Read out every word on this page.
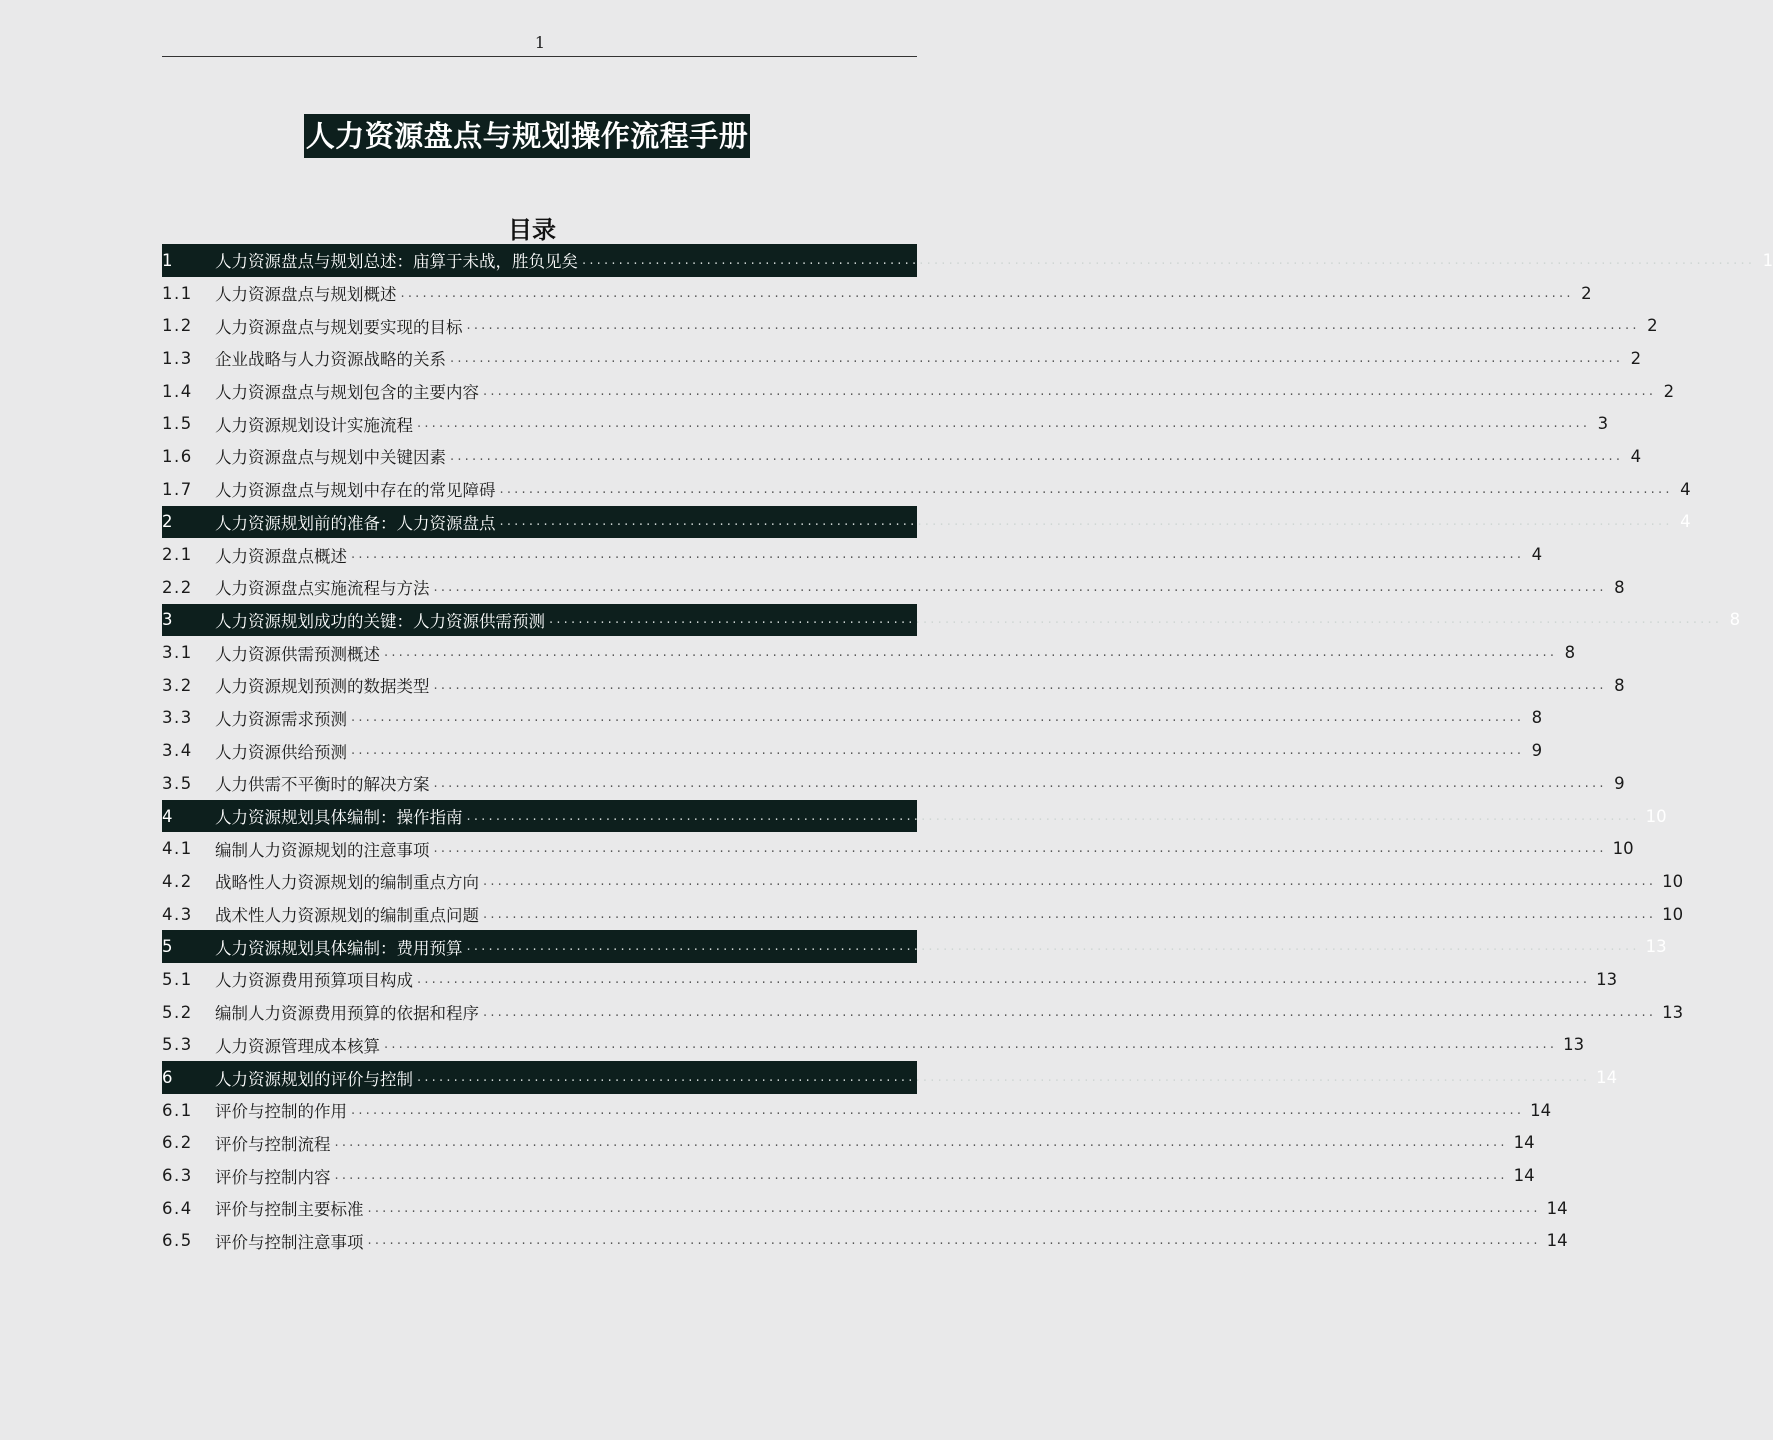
1
人力资源盘点与规划操作流程手册
目录
1	人力资源盘点与规划总述：庙算于未战，胜负见矣 ................................................................................................................................................................ 1
1.1	人力资源盘点与规划概述 ................................................................................................................................................................ 2
1.2	人力资源盘点与规划要实现的目标 ................................................................................................................................................................ 2
1.3	企业战略与人力资源战略的关系 ................................................................................................................................................................ 2
1.4	人力资源盘点与规划包含的主要内容 ................................................................................................................................................................ 2
1.5	人力资源规划设计实施流程 ................................................................................................................................................................ 3
1.6	人力资源盘点与规划中关键因素 ................................................................................................................................................................ 4
1.7	人力资源盘点与规划中存在的常见障碍 ................................................................................................................................................................ 4
2	人力资源规划前的准备：人力资源盘点 ................................................................................................................................................................ 4
2.1	人力资源盘点概述 ................................................................................................................................................................ 4
2.2	人力资源盘点实施流程与方法 ................................................................................................................................................................ 8
3	人力资源规划成功的关键：人力资源供需预测 ................................................................................................................................................................ 8
3.1	人力资源供需预测概述 ................................................................................................................................................................ 8
3.2	人力资源规划预测的数据类型 ................................................................................................................................................................ 8
3.3	人力资源需求预测 ................................................................................................................................................................ 8
3.4	人力资源供给预测 ................................................................................................................................................................ 9
3.5	人力供需不平衡时的解决方案 ................................................................................................................................................................ 9
4	人力资源规划具体编制：操作指南 ................................................................................................................................................................ 10
4.1	编制人力资源规划的注意事项 ................................................................................................................................................................ 10
4.2	战略性人力资源规划的编制重点方向 ................................................................................................................................................................ 10
4.3	战术性人力资源规划的编制重点问题 ................................................................................................................................................................ 10
5	人力资源规划具体编制：费用预算 ................................................................................................................................................................ 13
5.1	人力资源费用预算项目构成 ................................................................................................................................................................ 13
5.2	编制人力资源费用预算的依据和程序 ................................................................................................................................................................ 13
5.3	人力资源管理成本核算 ................................................................................................................................................................ 13
6	人力资源规划的评价与控制 ................................................................................................................................................................ 14
6.1	评价与控制的作用 ................................................................................................................................................................ 14
6.2	评价与控制流程 ................................................................................................................................................................ 14
6.3	评价与控制内容 ................................................................................................................................................................ 14
6.4	评价与控制主要标准 ................................................................................................................................................................ 14
6.5	评价与控制注意事项 ................................................................................................................................................................ 14
